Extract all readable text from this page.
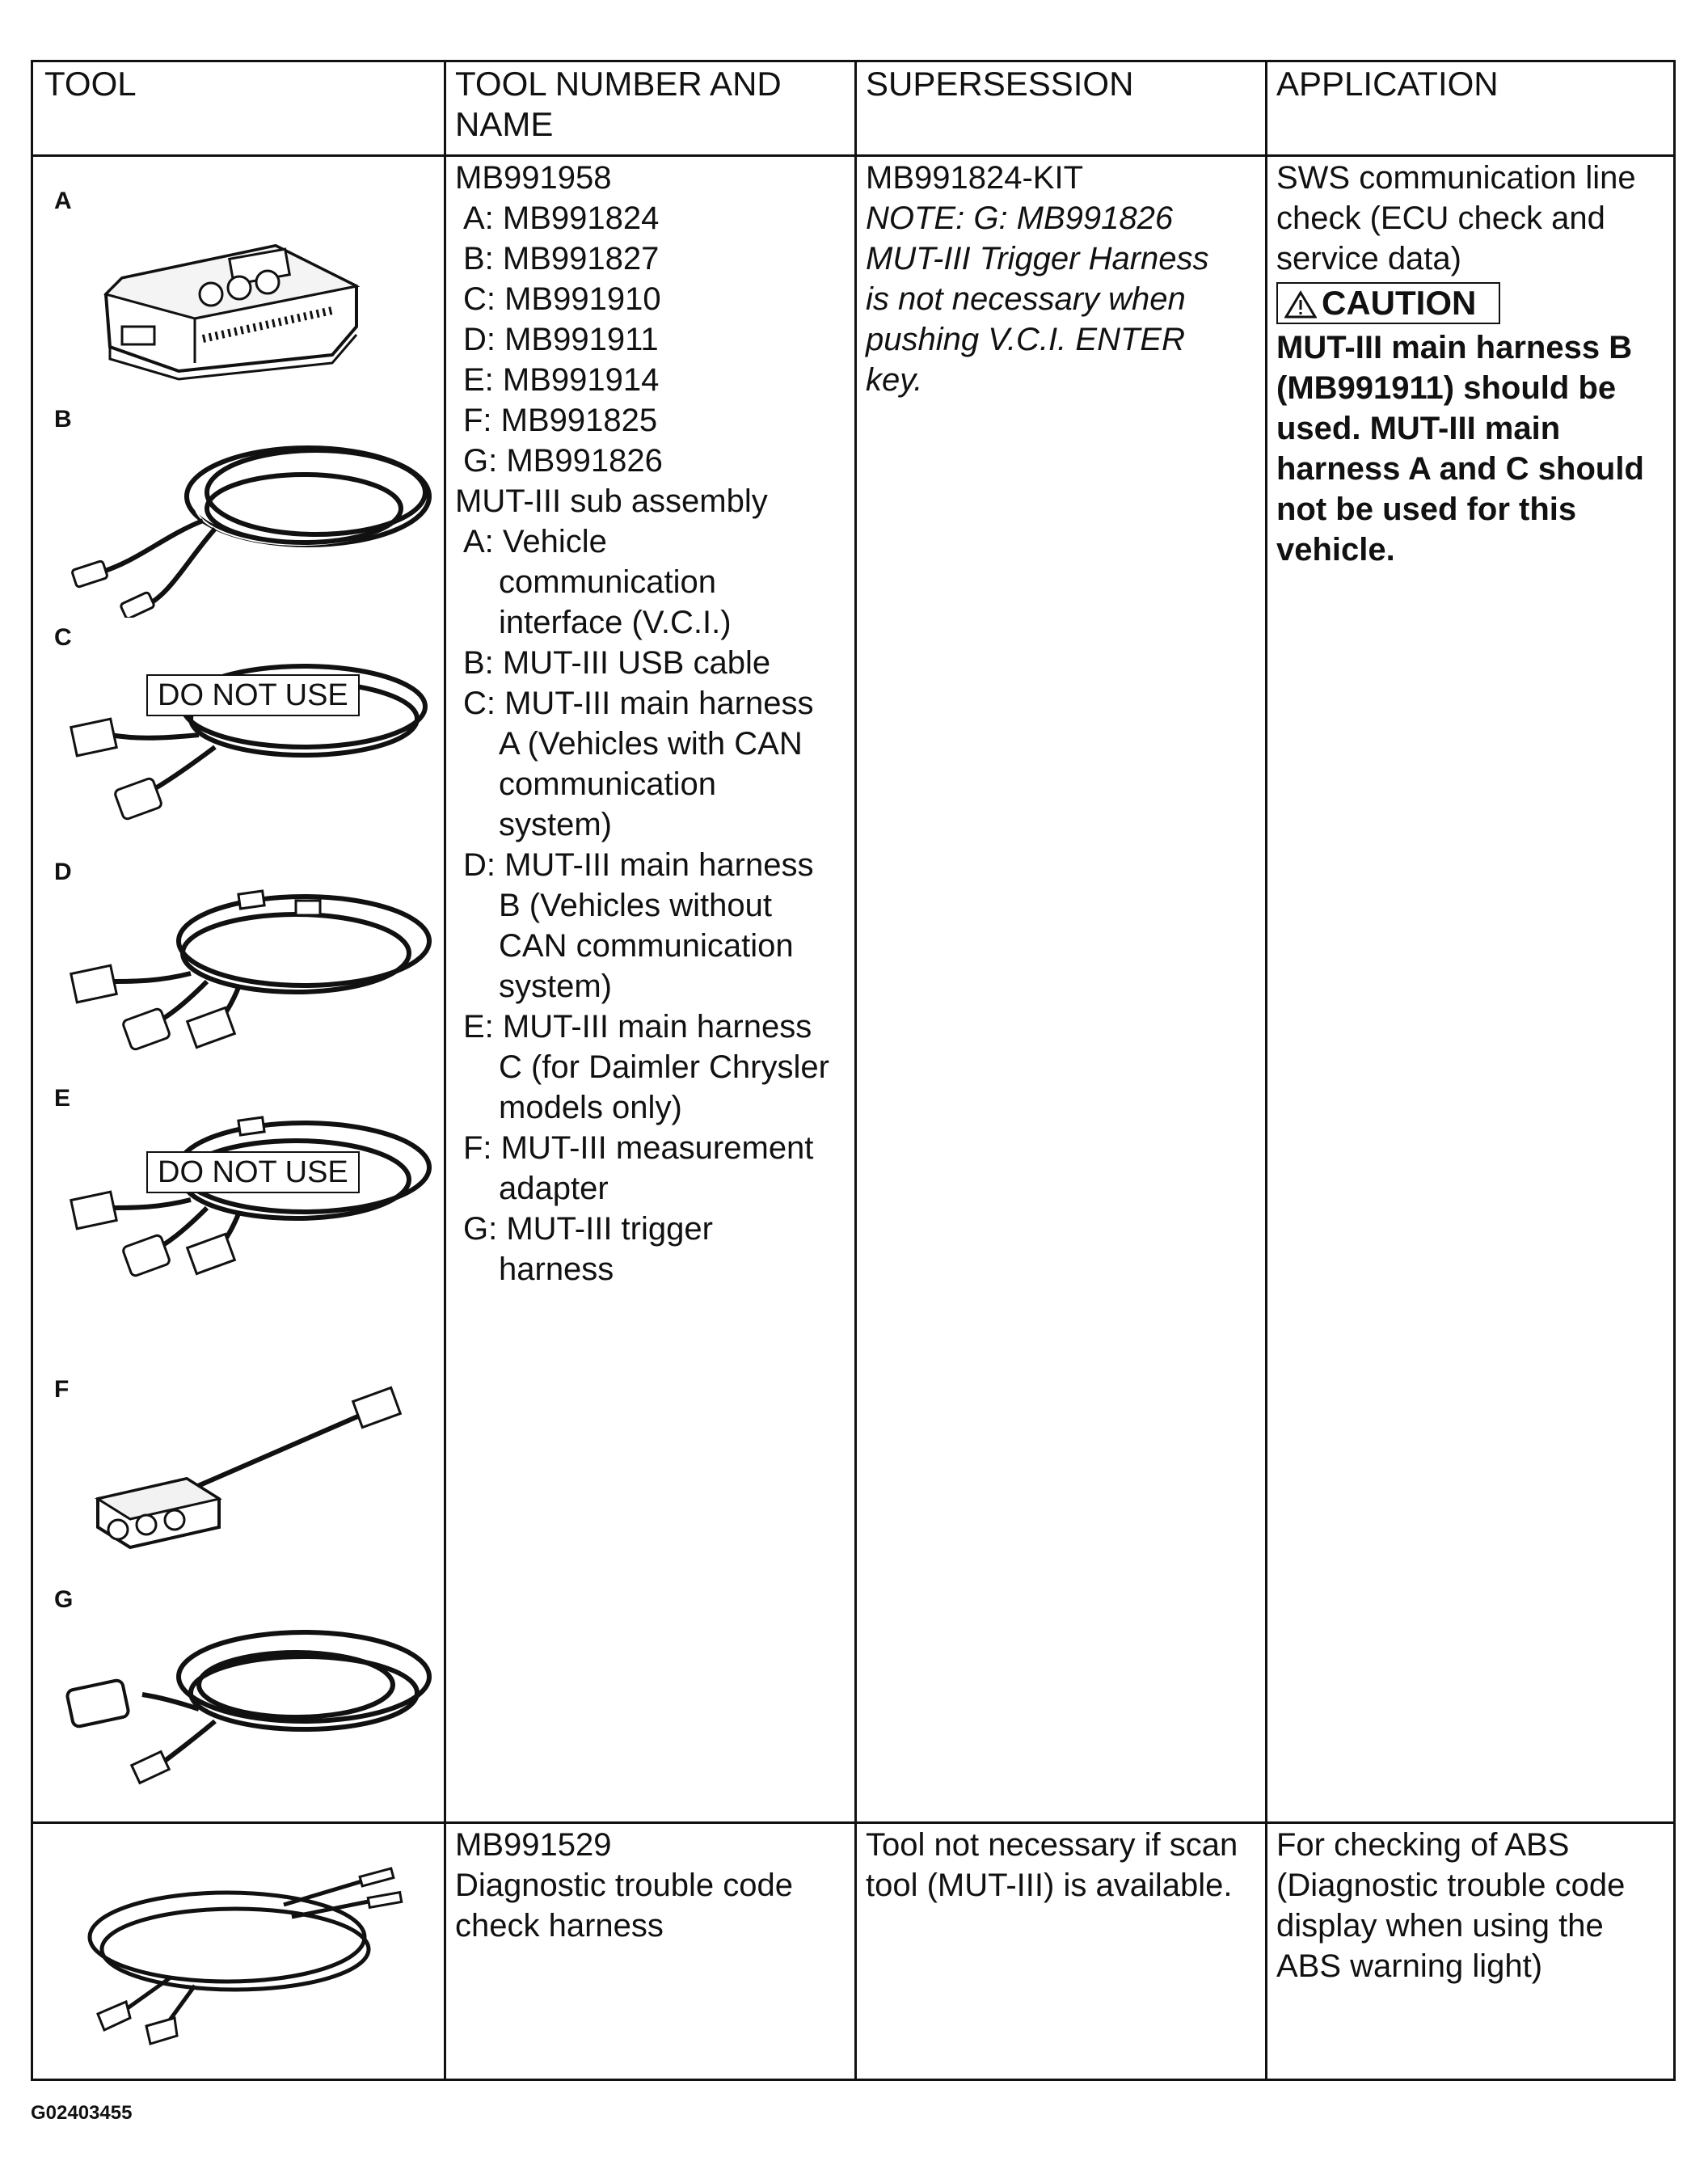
TOOL	TOOL NUMBER AND
NAME
SUPERSESSION	APPLICATION
A
B
C
DO NOT USE
D
E
DO NOT USE
F
G
MB991958
A: MB991824
B: MB991827
C: MB991910
D: MB991911
E: MB991914
F: MB991825
G: MB991826
MUT-III sub assembly
A: Vehicle
communication
interface (V.C.I.)
B: MUT-III USB cable
C: MUT-III main harness
A (Vehicles with CAN
communication
system)
D: MUT-III main harness
B (Vehicles without
CAN communication
system)
E: MUT-III main harness
C (for Daimler Chrysler
models only)
F: MUT-III measurement
adapter
G: MUT-III trigger
harness
MB991824-KIT
NOTE: G: MB991826
MUT-III Trigger Harness
is not necessary when
pushing V.C.I. ENTER
key.
SWS communication line
check (ECU check and
service data)
CAUTION
MUT-III main harness B
(MB991911) should be
used. MUT-III main
harness A and C should
not be used for this
vehicle.
MB991529
Diagnostic trouble code
check harness
Tool not necessary if scan
tool (MUT-III) is available.
For checking of ABS
(Diagnostic trouble code
display when using the
ABS warning light)
G02403455
